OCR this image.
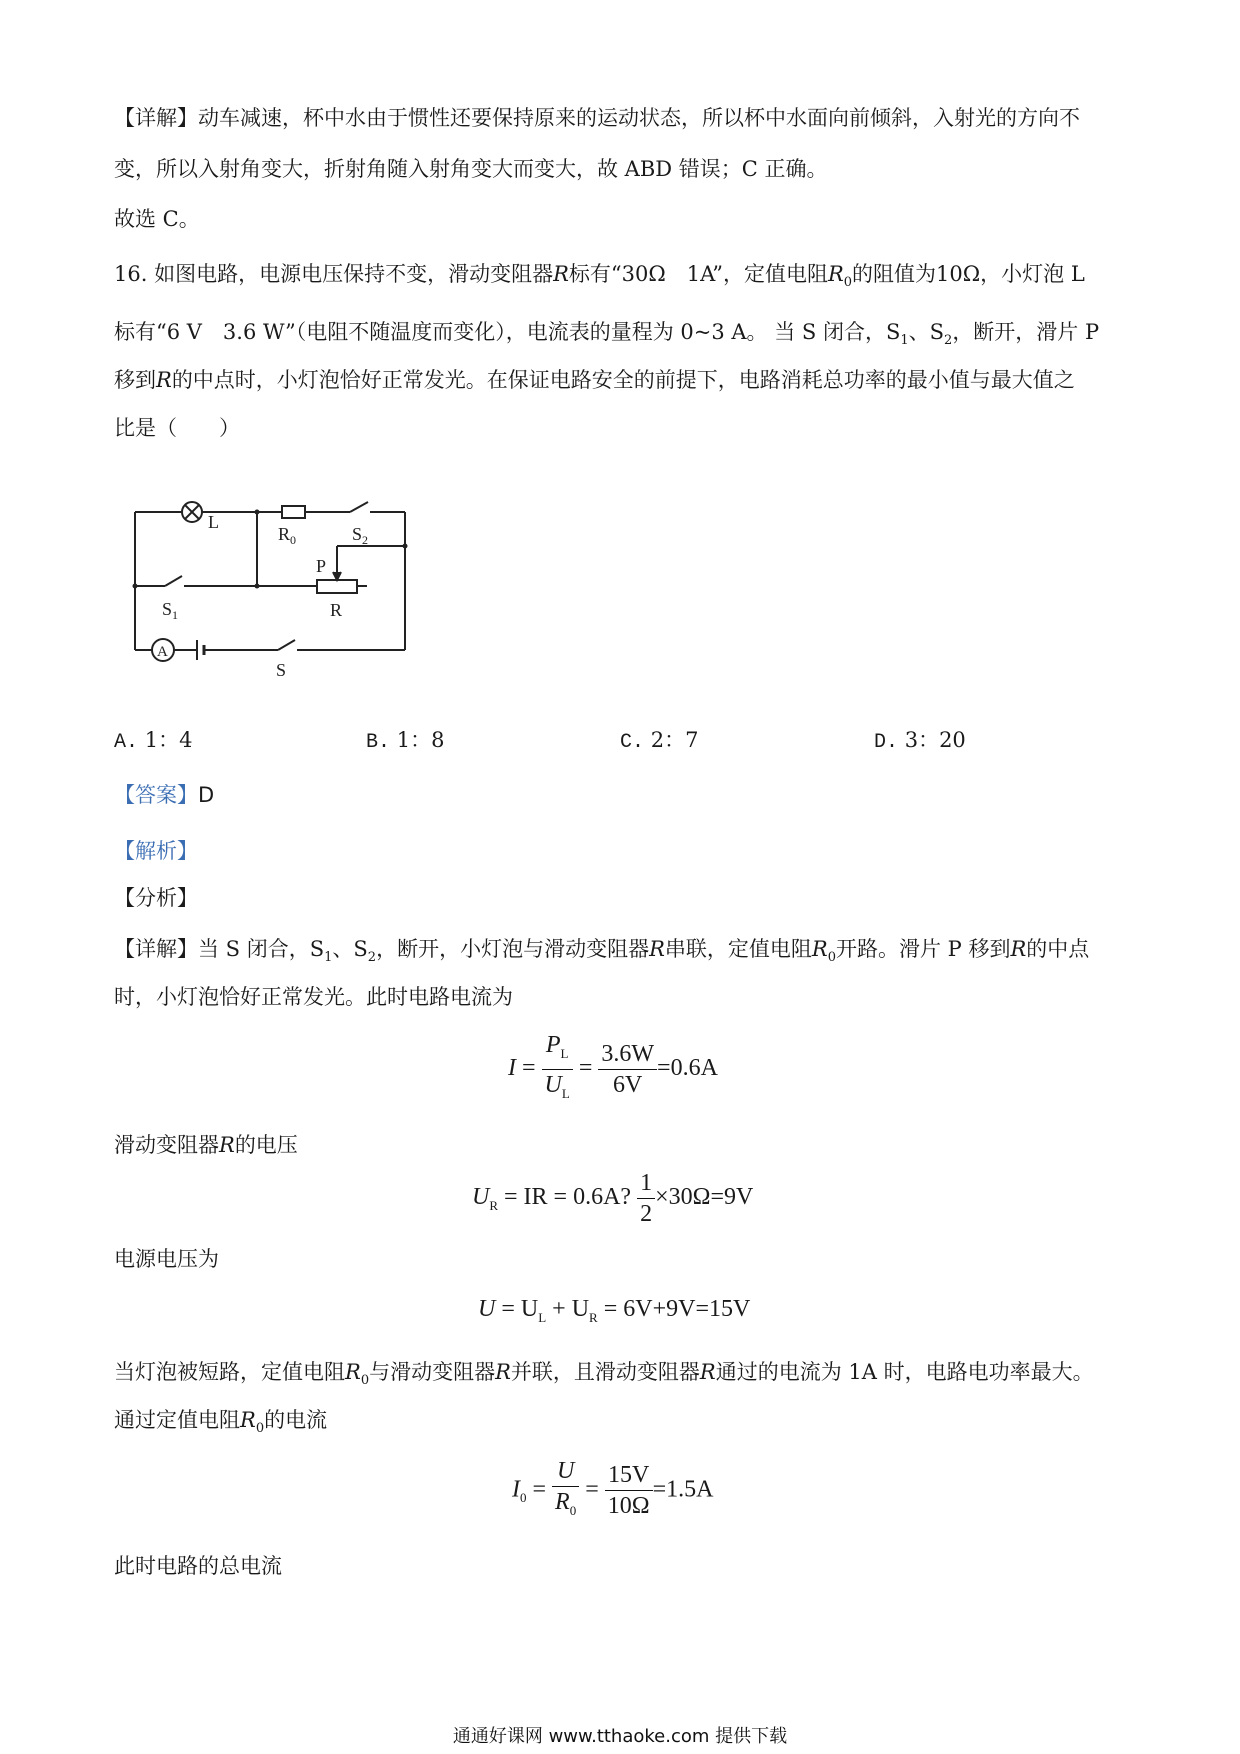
【详解】动车减速，杯中水由于惯性还要保持原来的运动状态，所以杯中水面向前倾斜，入射光的方向不

变，所以入射角变大，折射角随入射角变大而变大，故 ABD 错误；C 正确。

故选 C。

16. 如图电路，电源电压保持不变，滑动变阻器R标有“30Ω　1A”，定值电阻$R_0$的阻值为10Ω，小灯泡 L

标有“6 V　3.6 W”（电阻不随温度而变化），电流表的量程为 0~3 A。 当 S 闭合，$S_1$、$S_2$，断开，滑片 P

移到R的中点时，小灯泡恰好正常发光。在保证电路安全的前提下，电路消耗总功率的最小值与最大值之

比是（　　）

L
$R_0$	$S_2$
P
$S_1$	R
A
S
A. 1：4	B. 1：8	C. 2：7	D. 3：20

【答案】D

【解析】

【分析】

【详解】当 S 闭合，$S_1$、$S_2$，断开，小灯泡与滑动变阻器R串联，定值电阻$R_0$开路。滑片 P 移到R的中点

时，小灯泡恰好正常发光。此时电路电流为

$I = \frac{P_L}{U_L} = \frac{3.6W}{6V} =0.6A$

滑动变阻器R的电压

$U_R$ = IR = 0.6A? $\frac{1}{2} \times 30\Omega=9V$

电源电压为

$U = U_L + U_R = 6V+9V=15V$

当灯泡被短路，定值电阻$R_0$与滑动变阻器R并联，且滑动变阻器R通过的电流为 1A 时，电路电功率最大。

通过定值电阻$R_0$的电流

$I_0 = \frac{U}{R_0} = \frac{15V}{10\Omega} =1.5A$

此时电路的总电流

通通好课网 www.tthaoke.com 提供下载
